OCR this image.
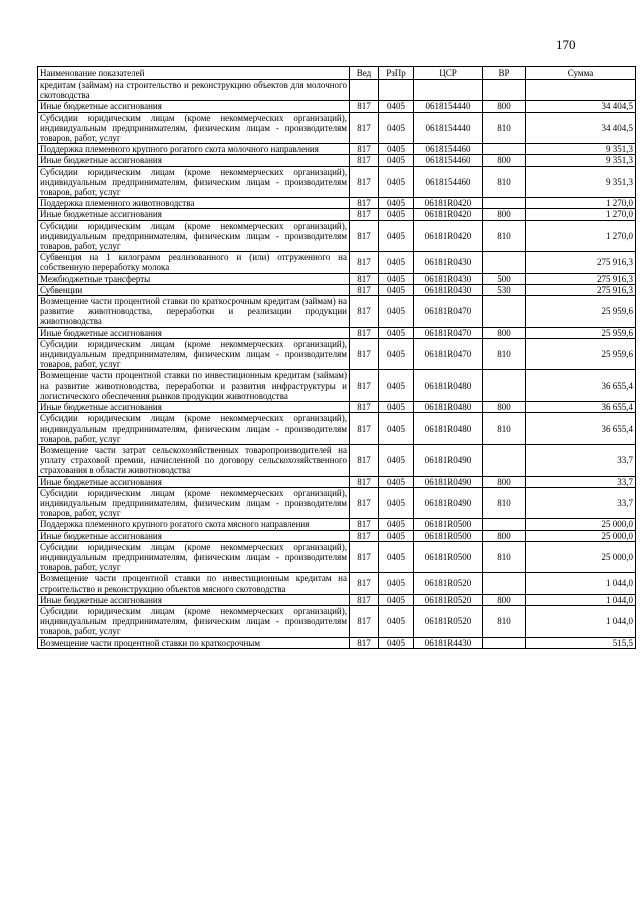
170
Наименование показателей	Вед	РзПр	ЦСР	ВР	Сумма
кредитам (займам) на строительство и реконструкцию объектов для молочного скотоводства					
Иные бюджетные ассигнования	817	0405	0618154440	800	34 404,5
Субсидии юридическим лицам (кроме некоммерческих организаций), индивидуальным предпринимателям, физическим лицам - производителям товаров, работ, услуг	817	0405	0618154440	810	34 404,5
Поддержка племенного крупного рогатого скота молочного направления	817	0405	0618154460		9 351,3
Иные бюджетные ассигнования	817	0405	0618154460	800	9 351,3
Субсидии юридическим лицам (кроме некоммерческих организаций), индивидуальным предпринимателям, физическим лицам - производителям товаров, работ, услуг	817	0405	0618154460	810	9 351,3
Поддержка племенного животноводства	817	0405	06181R0420		1 270,0
Иные бюджетные ассигнования	817	0405	06181R0420	800	1 270,0
Субсидии юридическим лицам (кроме некоммерческих организаций), индивидуальным предпринимателям, физическим лицам - производителям товаров, работ, услуг	817	0405	06181R0420	810	1 270,0
Субвенция на 1 килограмм реализованного и (или) отгруженного на собственную переработку молока	817	0405	06181R0430		275 916,3
Межбюджетные трансферты	817	0405	06181R0430	500	275 916,3
Субвенции	817	0405	06181R0430	530	275 916,3
Возмещение части процентной ставки по краткосрочным кредитам (займам) на развитие животноводства, переработки и реализации продукции животноводства	817	0405	06181R0470		25 959,6
Иные бюджетные ассигнования	817	0405	06181R0470	800	25 959,6
Субсидии юридическим лицам (кроме некоммерческих организаций), индивидуальным предпринимателям, физическим лицам - производителям товаров, работ, услуг	817	0405	06181R0470	810	25 959,6
Возмещение части процентной ставки по инвестиционным кредитам (займам) на развитие животноводства, переработки и развития инфраструктуры и логистического обеспечения рынков продукции животноводства	817	0405	06181R0480		36 655,4
Иные бюджетные ассигнования	817	0405	06181R0480	800	36 655,4
Субсидии юридическим лицам (кроме некоммерческих организаций), индивидуальным предпринимателям, физическим лицам - производителям товаров, работ, услуг	817	0405	06181R0480	810	36 655,4
Возмещение части затрат сельскохозяйственных товаропроизводителей на уплату страховой премии, начисленной по договору сельскохозяйственного страхования в области животноводства	817	0405	06181R0490		33,7
Иные бюджетные ассигнования	817	0405	06181R0490	800	33,7
Субсидии юридическим лицам (кроме некоммерческих организаций), индивидуальным предпринимателям, физическим лицам - производителям товаров, работ, услуг	817	0405	06181R0490	810	33,7
Поддержка племенного крупного рогатого скота мясного направления	817	0405	06181R0500		25 000,0
Иные бюджетные ассигнования	817	0405	06181R0500	800	25 000,0
Субсидии юридическим лицам (кроме некоммерческих организаций), индивидуальным предпринимателям, физическим лицам - производителям товаров, работ, услуг	817	0405	06181R0500	810	25 000,0
Возмещение части процентной ставки по инвестиционным кредитам на строительство и реконструкцию объектов мясного скотоводства	817	0405	06181R0520		1 044,0
Иные бюджетные ассигнования	817	0405	06181R0520	800	1 044,0
Субсидии юридическим лицам (кроме некоммерческих организаций), индивидуальным предпринимателям, физическим лицам - производителям товаров, работ, услуг	817	0405	06181R0520	810	1 044,0
Возмещение части процентной ставки по краткосрочным	817	0405	06181R4430		515,5
